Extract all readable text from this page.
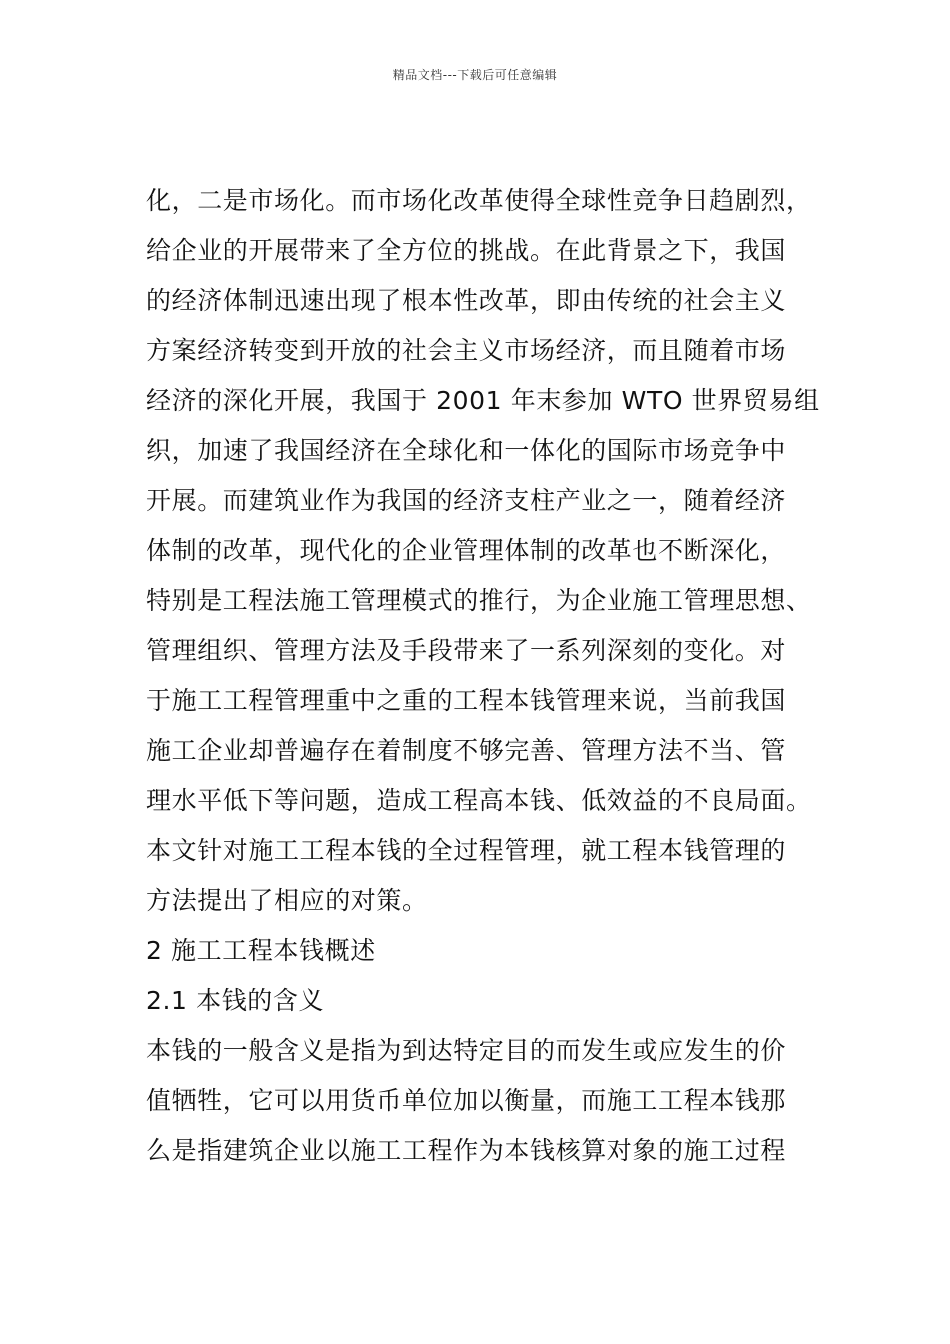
精品文档---下载后可任意编辑
化，二是市场化。而市场化改革使得全球性竞争日趋剧烈，
给企业的开展带来了全方位的挑战。在此背景之下，我国
的经济体制迅速出现了根本性改革，即由传统的社会主义
方案经济转变到开放的社会主义市场经济，而且随着市场
经济的深化开展，我国于 2001 年末参加 WTO 世界贸易组
织，加速了我国经济在全球化和一体化的国际市场竞争中
开展。而建筑业作为我国的经济支柱产业之一，随着经济
体制的改革，现代化的企业管理体制的改革也不断深化，
特别是工程法施工管理模式的推行，为企业施工管理思想、
管理组织、管理方法及手段带来了一系列深刻的变化。对
于施工工程管理重中之重的工程本钱管理来说，当前我国
施工企业却普遍存在着制度不够完善、管理方法不当、管
理水平低下等问题，造成工程高本钱、低效益的不良局面。
本文针对施工工程本钱的全过程管理，就工程本钱管理的
方法提出了相应的对策。
2 施工工程本钱概述
2.1 本钱的含义
本钱的一般含义是指为到达特定目的而发生或应发生的价
值牺牲，它可以用货币单位加以衡量，而施工工程本钱那
么是指建筑企业以施工工程作为本钱核算对象的施工过程
